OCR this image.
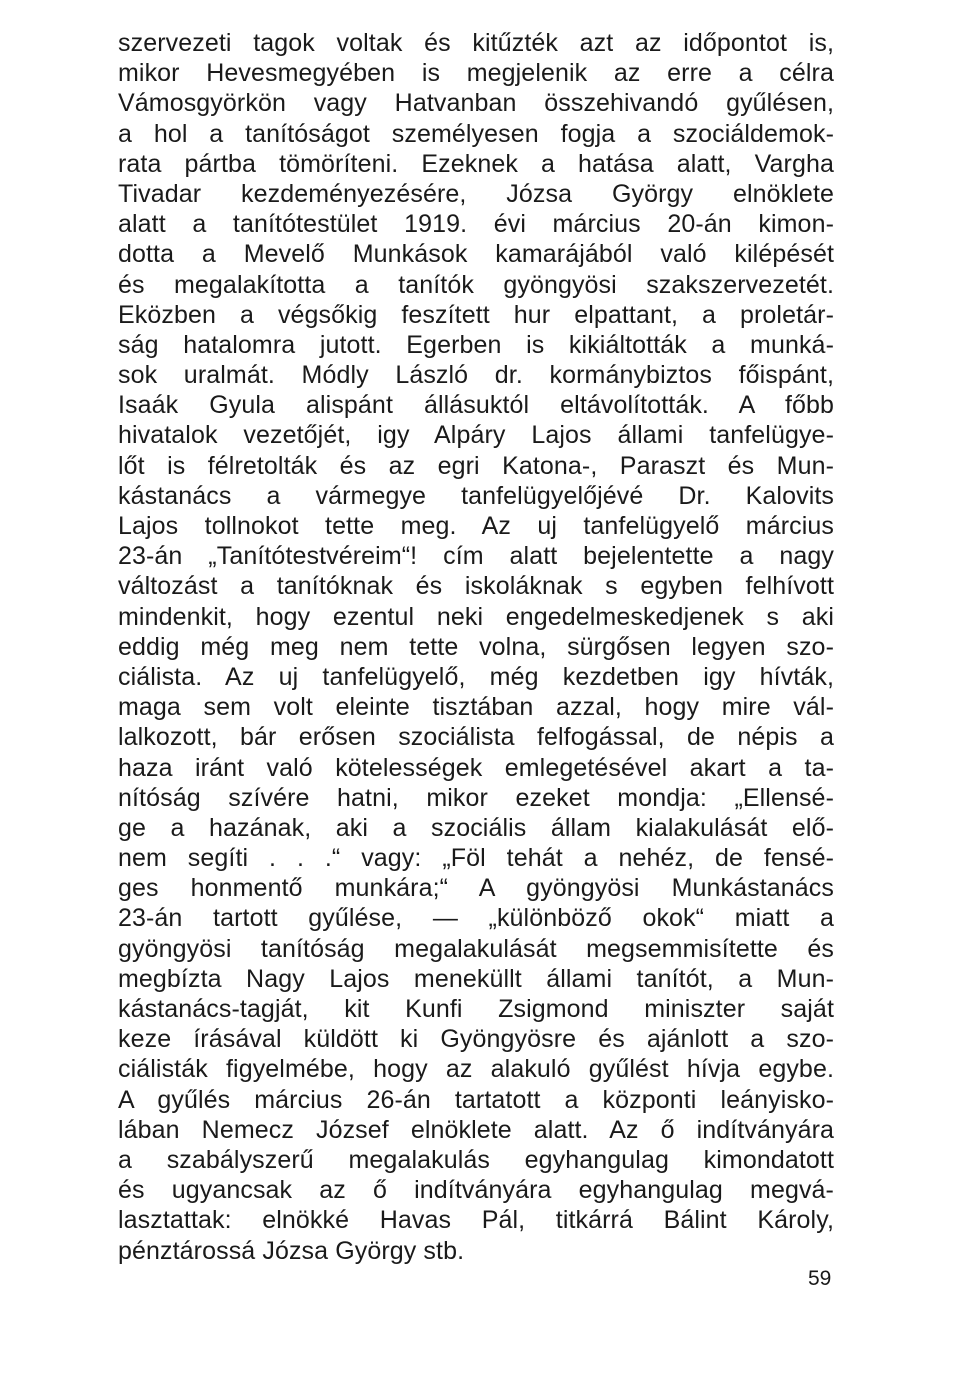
szervezeti tagok voltak és kitűzték azt az időpontot is,
mikor Hevesmegyében is megjelenik az erre a célra
Vámosgyörkön vagy Hatvanban összehivandó gyűlésen,
a hol a tanítóságot személyesen fogja a szociáldemok-
rata pártba tömöríteni. Ezeknek a hatása alatt, Vargha
Tivadar kezdeményezésére, Józsa György elnöklete
alatt a tanítótestület 1919. évi március 20-án kimon-
dotta a Mevelő Munkások kamarájából való kilépését
és megalakította a tanítók gyöngyösi szakszervezetét.
Eközben a végsőkig feszített hur elpattant, a proletár-
ság hatalomra jutott. Egerben is kikiáltották a munká-
sok uralmát. Módly László dr. kormánybiztos főispánt,
Isaák Gyula alispánt állásuktól eltávolították. A főbb
hivatalok vezetőjét, igy Alpáry Lajos állami tanfelügye-
lőt is félretolták és az egri Katona-, Paraszt és Mun-
kástanács a vármegye tanfelügyelőjévé Dr. Kalovits
Lajos tollnokot tette meg. Az uj tanfelügyelő március
23-án „Tanítótestvéreim“! cím alatt bejelentette a nagy
változást a tanítóknak és iskoláknak s egyben felhívott
mindenkit, hogy ezentul neki engedelmeskedjenek s aki
eddig még meg nem tette volna, sürgősen legyen szo-
ciálista. Az uj tanfelügyelő, még kezdetben igy hívták,
maga sem volt eleinte tisztában azzal, hogy mire vál-
lalkozott, bár erősen szociálista felfogással, de népis a
haza iránt való kötelességek emlegetésével akart a ta-
nítóság szívére hatni, mikor ezeket mondja: „Ellensé-
ge a hazának, aki a szociális állam kialakulását elő-
nem segíti . . .“ vagy: „Föl tehát a nehéz, de fensé-
ges honmentő munkára;“ A gyöngyösi Munkástanács
23-án tartott gyűlése, — „különböző okok“ miatt a
gyöngyösi tanítóság megalakulását megsemmisítette és
megbízta Nagy Lajos meneküllt állami tanítót, a Mun-
kástanács-tagját, kit Kunfi Zsigmond miniszter saját
keze írásával küldött ki Gyöngyösre és ajánlott a szo-
ciálisták figyelmébe, hogy az alakuló gyűlést hívja egybe.
A gyűlés március 26-án tartatott a központi leányisko-
lában Nemecz József elnöklete alatt. Az ő indítványára
a szabályszerű megalakulás egyhangulag kimondatott
és ugyancsak az ő indítványára egyhangulag megvá-
lasztattak: elnökké Havas Pál, titkárrá Bálint Károly,
pénztárossá Józsa György stb.
59
